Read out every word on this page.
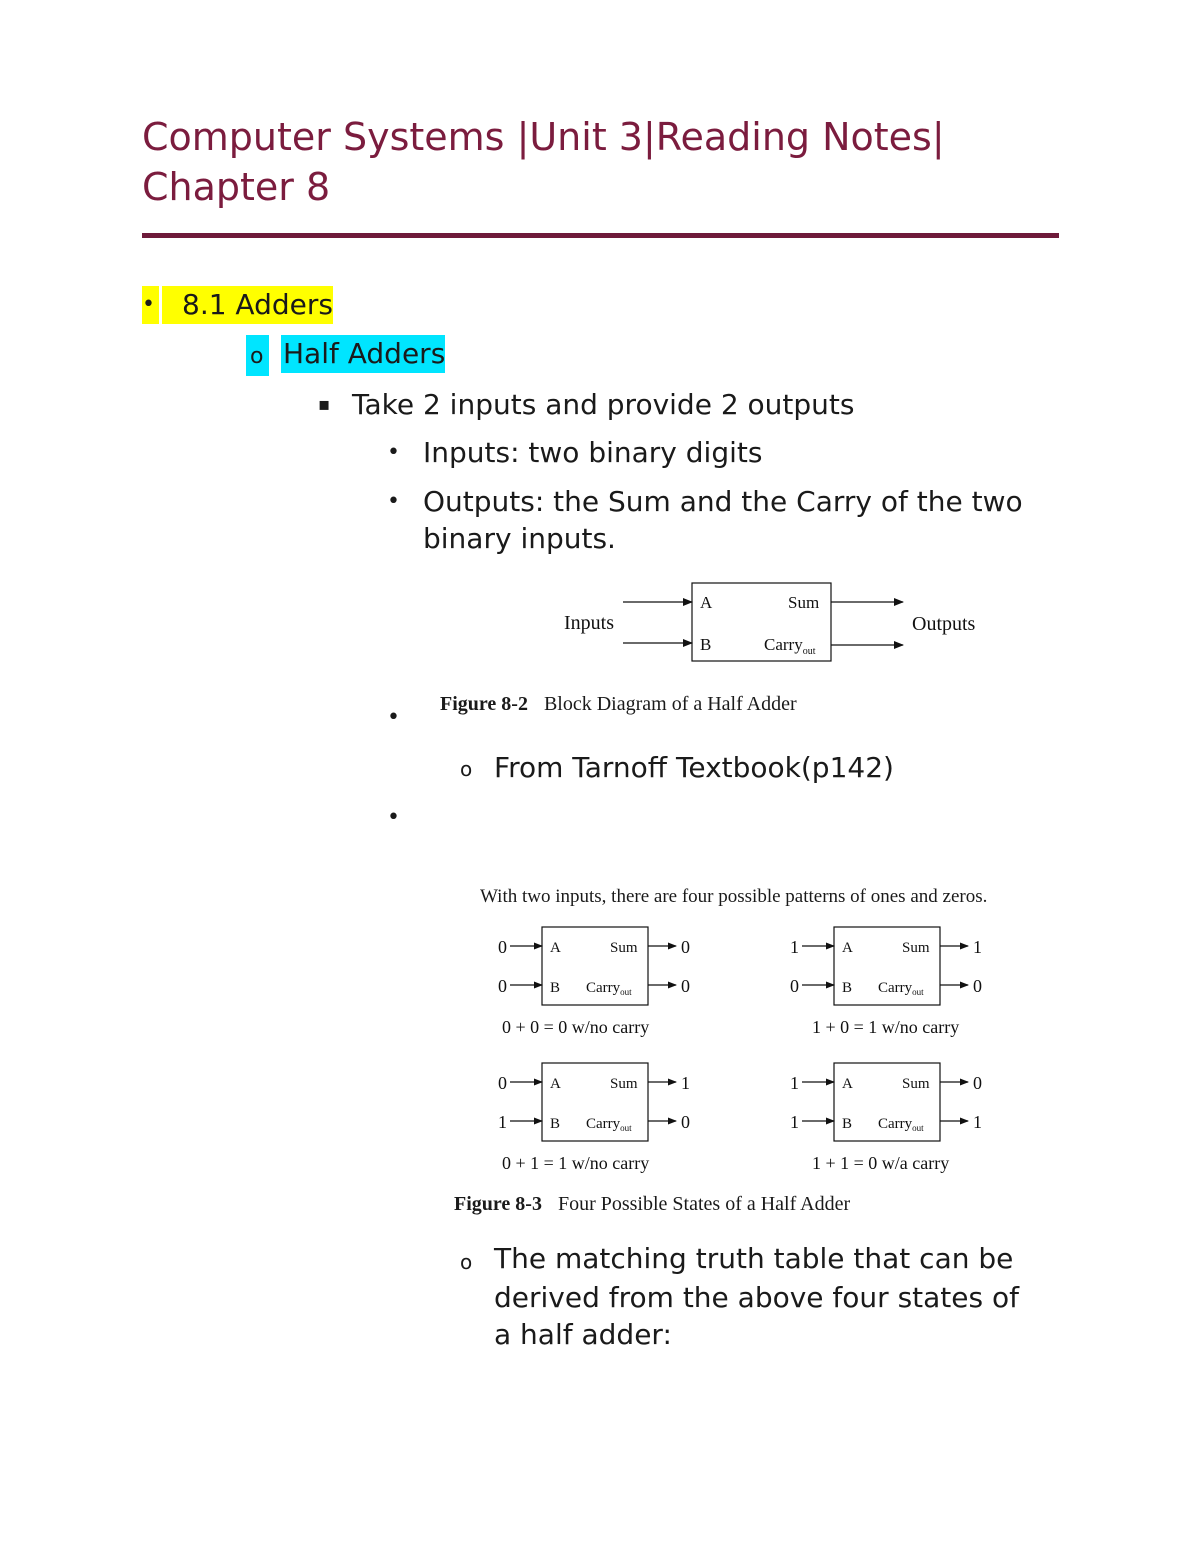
Computer Systems |Unit 3|Reading Notes| Chapter 8
• 8.1 Adders
o Half Adders
▪ Take 2 inputs and provide 2 outputs
• Inputs: two binary digits
• Outputs: the Sum and the Carry of the two
binary inputs.
Inputs	Outputs
A
B
Sum
Carry$_{out}$
•
Figure 8-2 Block Diagram of a Half Adder
o From Tarnoff Textbook(p142)
•
With two inputs, there are four possible patterns of ones and zeros.
0
0
0
0
A
B
Sum
Carry$_{out}$
0 + 0 = 0 w/no carry
1
0
1
0
A
B
Sum
Carry$_{out}$
1 + 0 = 1 w/no carry
0
1
1
0
A
B
Sum
Carry$_{out}$
0 + 1 = 1 w/no carry
1
1
0
1
A
B
Sum
Carry$_{out}$
1 + 1 = 0 w/a carry
Figure 8-3 Four Possible States of a Half Adder
o The matching truth table that can be
derived from the above four states of
a half adder:
